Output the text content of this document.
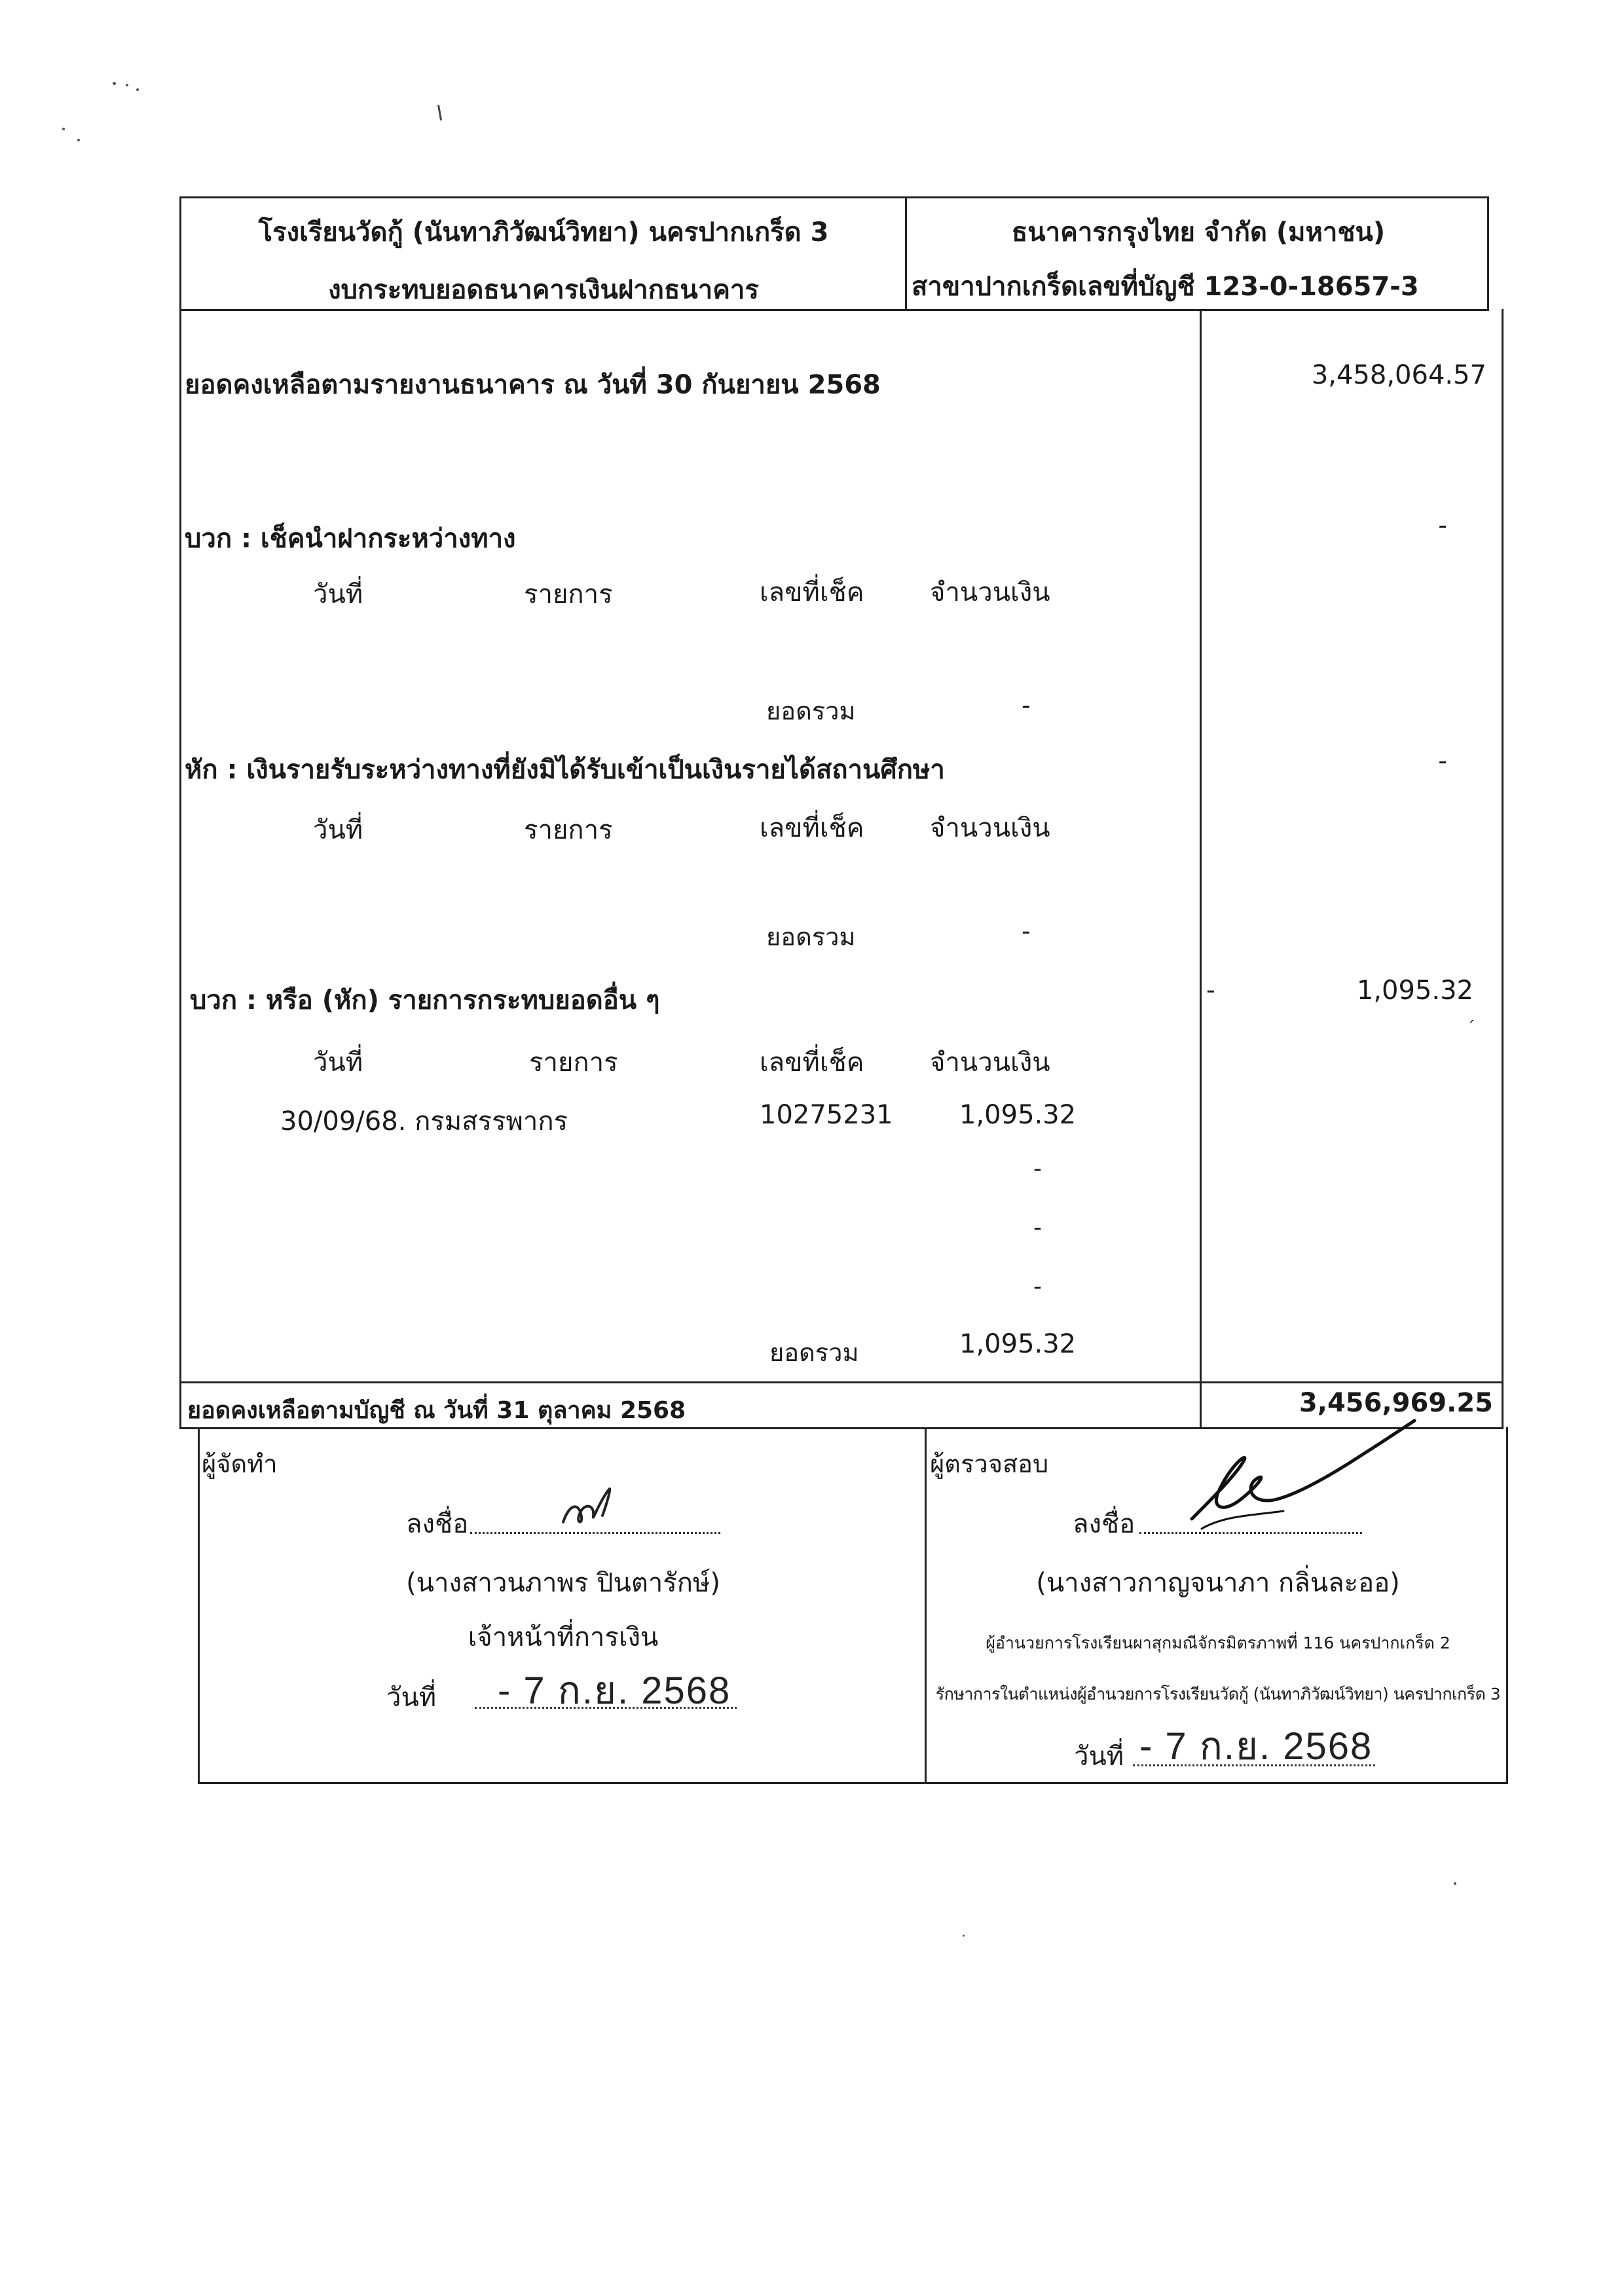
โรงเรียนวัดกู้ (นันทาภิวัฒน์วิทยา) นครปากเกร็ด 3
งบกระทบยอดธนาคารเงินฝากธนาคาร
ธนาคารกรุงไทย จำกัด (มหาชน)
สาขาปากเกร็ดเลขที่บัญชี 123-0-18657-3
ยอดคงเหลือตามรายงานธนาคาร ณ วันที่ 30 กันยายน 2568	3,458,064.57
บวก : เช็คนำฝากระหว่างทาง	-
วันที่	รายการ	เลขที่เช็ค	จำนวนเงิน
ยอดรวม	-
หัก : เงินรายรับระหว่างทางที่ยังมิได้รับเข้าเป็นเงินรายได้สถานศึกษา	-
วันที่	รายการ	เลขที่เช็ค	จำนวนเงิน
ยอดรวม	-
บวก : หรือ (หัก) รายการกระทบยอดอื่น ๆ	-	1,095.32
´
วันที่	รายการ	เลขที่เช็ค	จำนวนเงิน
30/09/68. กรมสรรพากร	10275231	1,095.32
-
-
-
ยอดรวม	1,095.32
ยอดคงเหลือตามบัญชี ณ วันที่ 31 ตุลาคม 2568	3,456,969.25
ผู้จัดทำ
ลงชื่อ
(นางสาวนภาพร ปินตารักษ์)
เจ้าหน้าที่การเงิน
วันที่ - 7 ก.ย. 2568
ผู้ตรวจสอบ
ลงชื่อ
(นางสาวกาญจนาภา กลิ่นละออ)
ผู้อำนวยการโรงเรียนผาสุกมณีจักรมิตรภาพที่ 116 นครปากเกร็ด 2
รักษาการในตำแหน่งผู้อำนวยการโรงเรียนวัดกู้ (นันทาภิวัฒน์วิทยา) นครปากเกร็ด 3
วันที่ - 7 ก.ย. 2568
